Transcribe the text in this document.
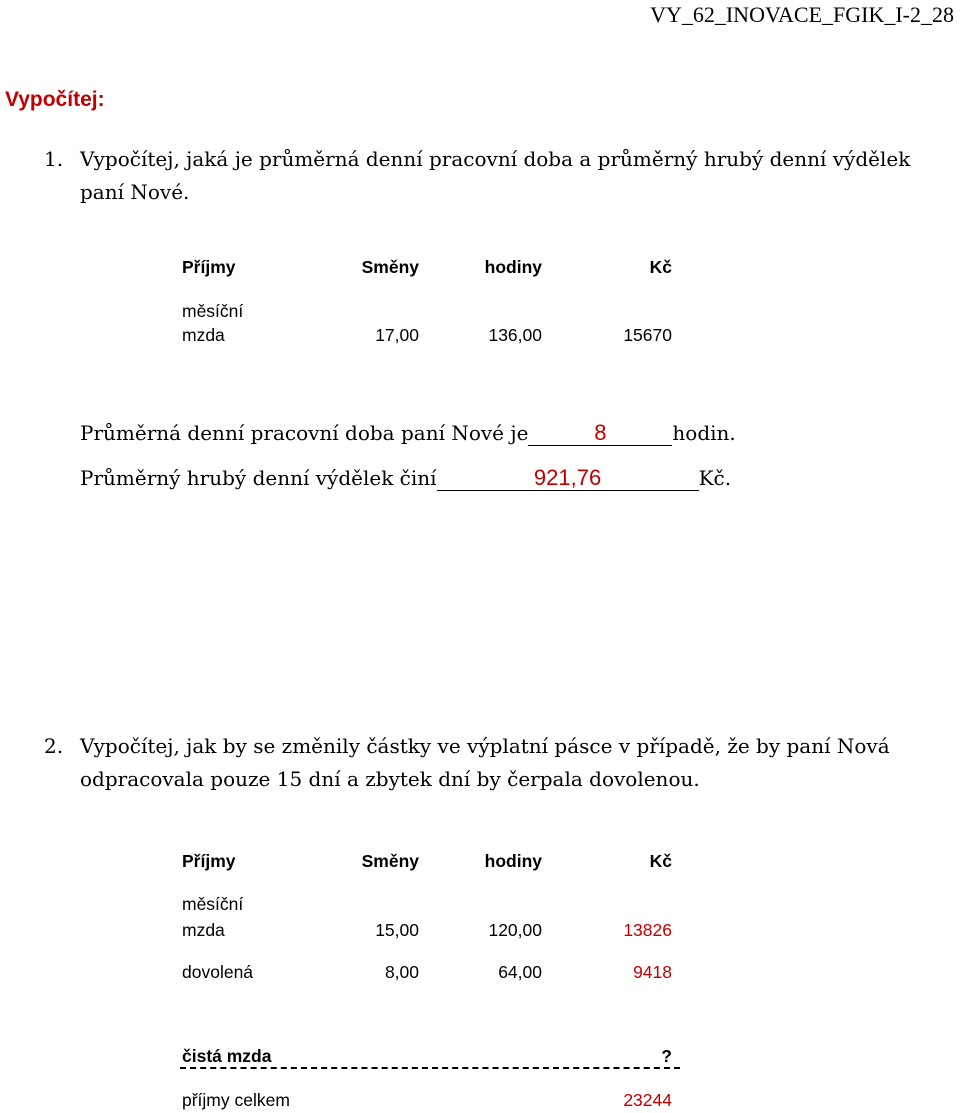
VY_62_INOVACE_FGIK_I-2_28
Vypočítej:
1. Vypočítej, jaká je průměrná denní pracovní doba a průměrný hrubý denní výdělek
paní Nové.
Příjmy	Směny	hodiny	Kč
měsíční
mzda	17,00	136,00	15670
Průměrná denní pracovní doba paní Nové je	8	hodin.
Průměrný hrubý denní výdělek činí	921,76	Kč.
2. Vypočítej, jak by se změnily částky ve výplatní pásce v případě, že by paní Nová
odpracovala pouze 15 dní a zbytek dní by čerpala dovolenou.
Příjmy	Směny	hodiny	Kč
měsíční
mzda	15,00	120,00	13826
dovolená	8,00	64,00	9418
čistá mzda	?
příjmy celkem	23244
